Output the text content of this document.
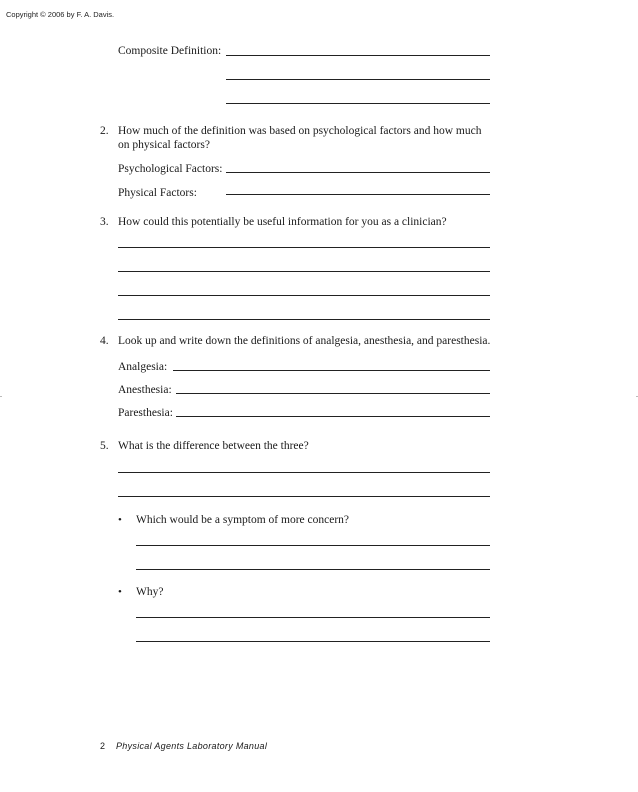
Copyright © 2006 by F. A. Davis.
Composite Definition:
2. How much of the definition was based on psychological factors and how much
on physical factors?
Psychological Factors:
Physical Factors:
3. How could this potentially be useful information for you as a clinician?
4. Look up and write down the definitions of analgesia, anesthesia, and paresthesia.
Analgesia:
Anesthesia:
Paresthesia:
5. What is the difference between the three?
• Which would be a symptom of more concern?
• Why?
2 Physical Agents Laboratory Manual
